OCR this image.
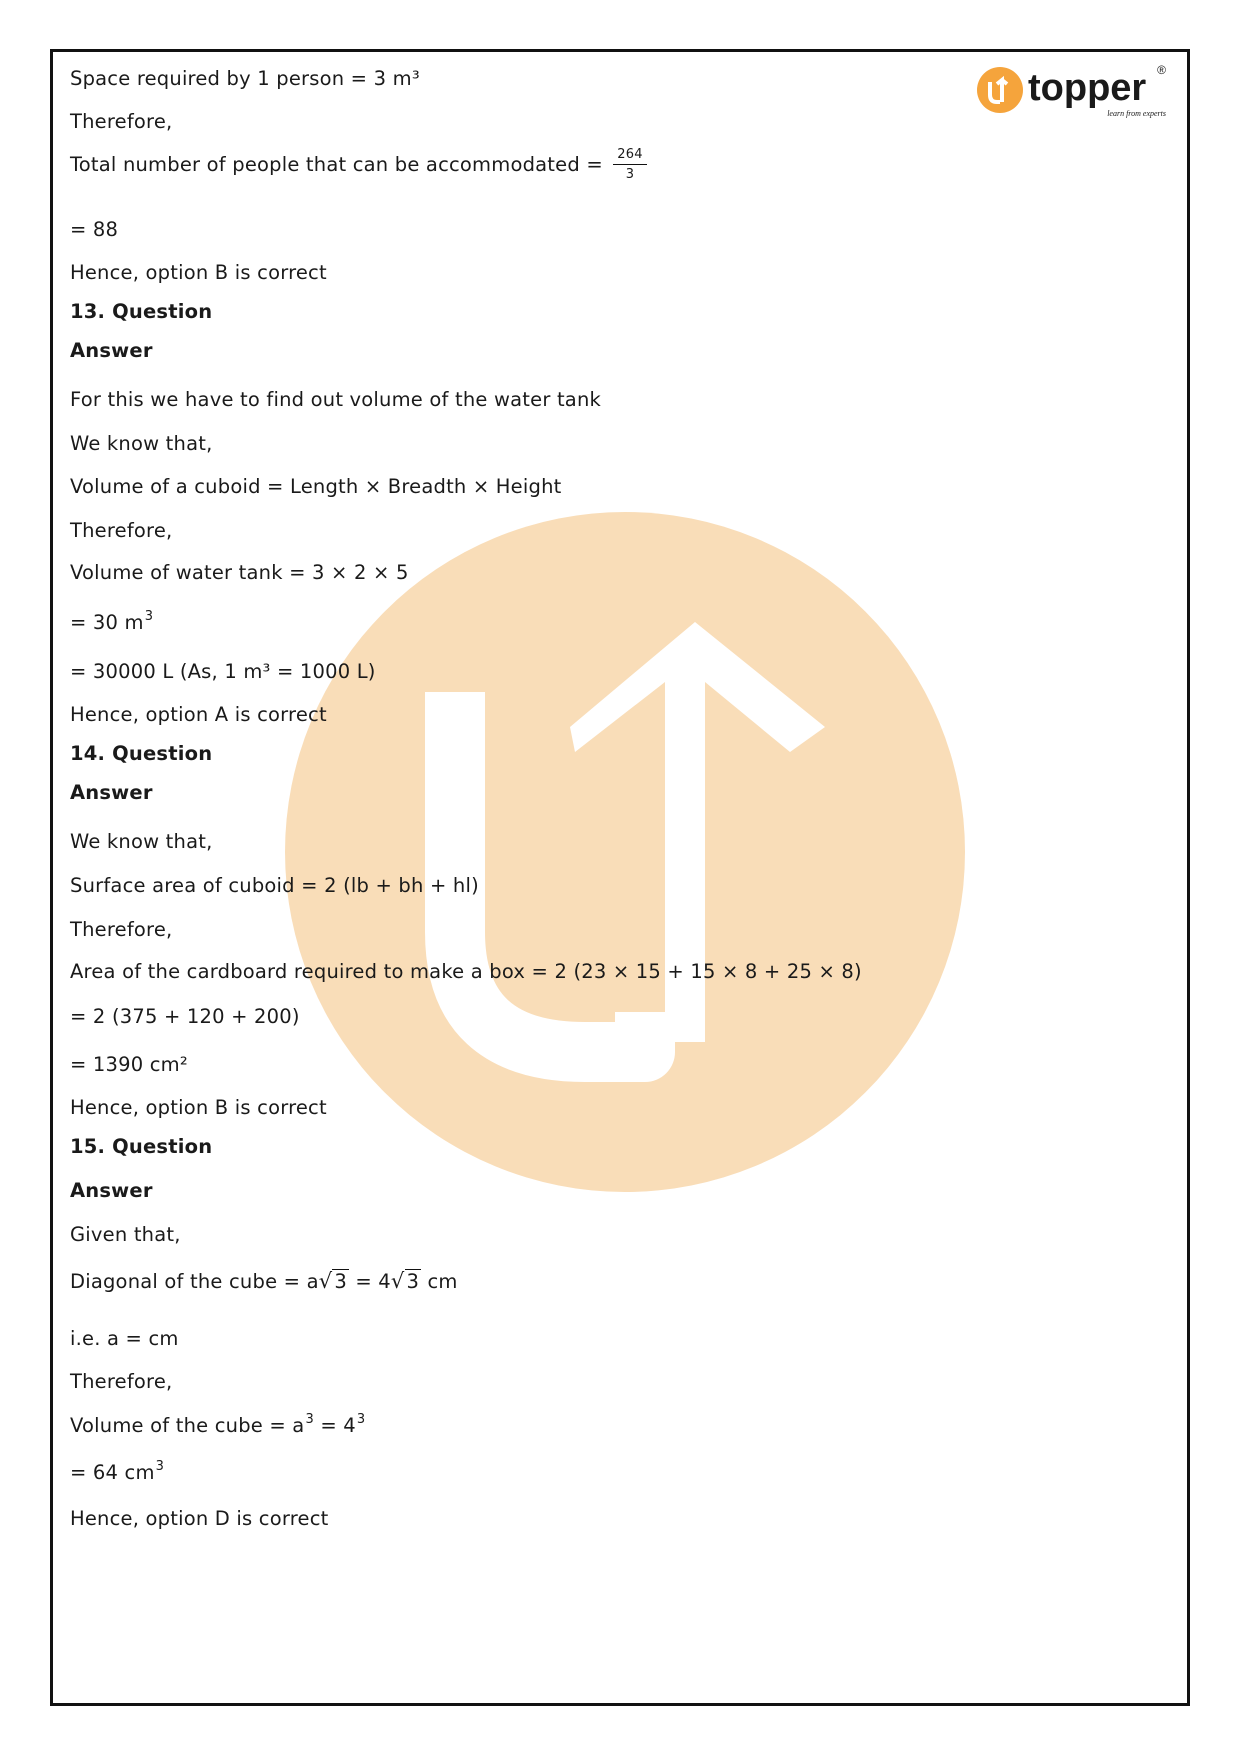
topper ®
learn from experts
Space required by 1 person = 3 m³
Therefore,
Total number of people that can be accommodated = $\frac{264}{3}$
= 88
Hence, option B is correct
13. Question
Answer
For this we have to find out volume of the water tank
We know that,
Volume of a cuboid = Length × Breadth × Height
Therefore,
Volume of water tank = 3 × 2 × 5
= 30 $m^3$
= 30000 L (As, 1 m³ = 1000 L)
Hence, option A is correct
14. Question
Answer
We know that,
Surface area of cuboid = 2 (lb + bh + hl)
Therefore,
Area of the cardboard required to make a box = 2 (23 × 15 + 15 × 8 + 25 × 8)
= 2 (375 + 120 + 200)
= 1390 cm²
Hence, option B is correct
15. Question
Answer
Given that,
Diagonal of the cube = a√ 3 = 4√ 3 cm
i.e. a = cm
Therefore,
Volume of the cube = $a^3 = 4^3$
= 64 $cm^3$
Hence, option D is correct
